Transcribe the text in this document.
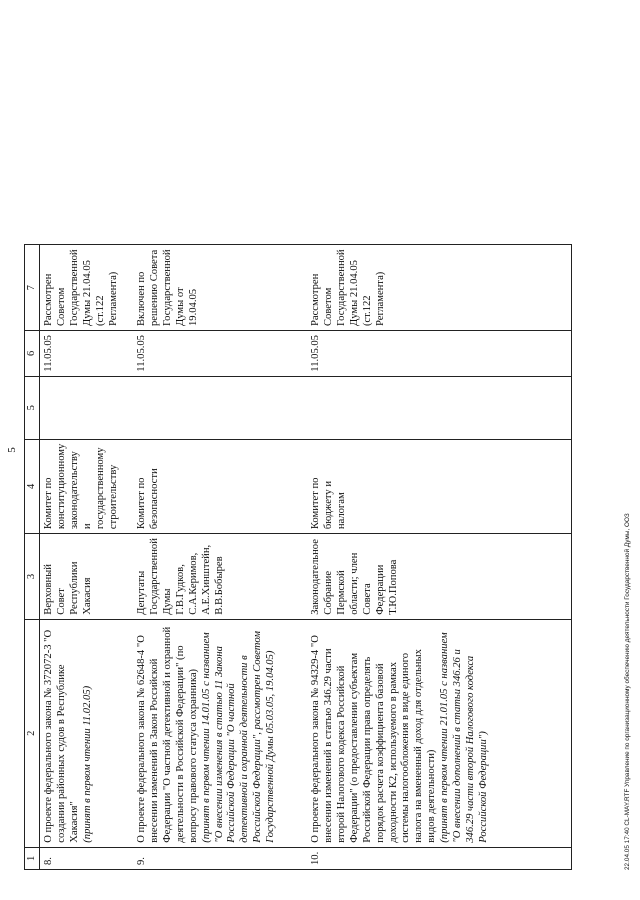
5
1	2	3	4	5	6	7
8.	О проекте федерального закона № 372072-3 "О создании районных судов в Республике Хакасия" (принят в первом чтении 11.02.05)	Верховный Совет Республики Хакасия	Комитет по конституционному законодательству и государственному строительству		11.05.05	Рассмотрен Советом Государственной Думы 21.04.05 (ст.122 Регламента)
9.	О проекте федерального закона № 62648-4 "О внесении изменений в Закон Российской Федерации "О частной детективной и охранной деятельности в Российской Федерации" (по вопросу правового статуса охранника) (принят в первом чтении 14.01.05 с названием "О внесении изменения в статью 11 Закона Российской Федерации "О частной детективной и охранной деятельности в Российской Федерации", рассмотрен Советом Государственной Думы 05.03.05, 19.04.05)	Депутаты Государственной Думы Г.В.Гудков, С.А.Керимов, А.Е.Хинштейн, В.В.Бобырев	Комитет по безопасности		11.05.05	Включен по решению Совета Государственной Думы от 19.04.05
10.	О проекте федерального закона № 94329-4 "О внесении изменений в статью 346.29 части второй Налогового кодекса Российской Федерации" (о предоставлении субъектам Российской Федерации права определять порядок расчета коэффициента базовой доходности К2, используемого в рамках системы налогообложения в виде единого налога на вмененный доход для отдельных видов деятельности) (принят в первом чтении 21.01.05 с названием "О внесении дополнений в статьи 346.26 и 346.29 части второй Налогового кодекса Российской Федерации")	Законодательное Собрание Пермской области; член Совета Федерации Т.Ю.Попова	Комитет по бюджету и налогам		11.05.05	Рассмотрен Советом Государственной Думы 21.04.05 (ст.122 Регламента)
22.04.05 17:40 CL-MAY.RTF Управление по организационному обеспечению деятельности Государственной Думы, ООЗ
